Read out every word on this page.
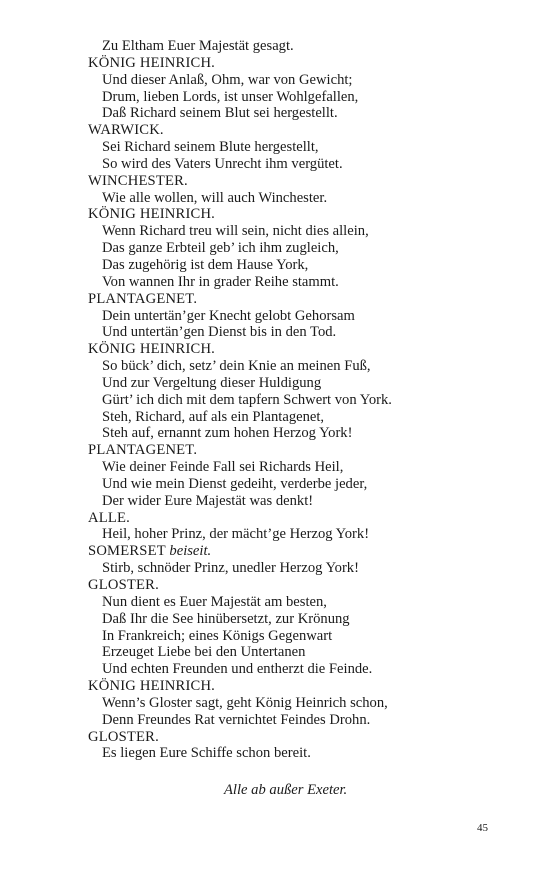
Zu Eltham Euer Majestät gesagt.
KÖNIG HEINRICH.
Und dieser Anlaß, Ohm, war von Gewicht;
Drum, lieben Lords, ist unser Wohlgefallen,
Daß Richard seinem Blut sei hergestellt.
WARWICK.
Sei Richard seinem Blute hergestellt,
So wird des Vaters Unrecht ihm vergütet.
WINCHESTER.
Wie alle wollen, will auch Winchester.
KÖNIG HEINRICH.
Wenn Richard treu will sein, nicht dies allein,
Das ganze Erbteil geb’ ich ihm zugleich,
Das zugehörig ist dem Hause York,
Von wannen Ihr in grader Reihe stammt.
PLANTAGENET.
Dein untertän’ger Knecht gelobt Gehorsam
Und untertän’gen Dienst bis in den Tod.
KÖNIG HEINRICH.
So bück’ dich, setz’ dein Knie an meinen Fuß,
Und zur Vergeltung dieser Huldigung
Gürt’ ich dich mit dem tapfern Schwert von York.
Steh, Richard, auf als ein Plantagenet,
Steh auf, ernannt zum hohen Herzog York!
PLANTAGENET.
Wie deiner Feinde Fall sei Richards Heil,
Und wie mein Dienst gedeiht, verderbe jeder,
Der wider Eure Majestät was denkt!
ALLE.
Heil, hoher Prinz, der mächt’ge Herzog York!
SOMERSET beiseit.
Stirb, schnöder Prinz, unedler Herzog York!
GLOSTER.
Nun dient es Euer Majestät am besten,
Daß Ihr die See hinübersetzt, zur Krönung
In Frankreich; eines Königs Gegenwart
Erzeuget Liebe bei den Untertanen
Und echten Freunden und entherzt die Feinde.
KÖNIG HEINRICH.
Wenn’s Gloster sagt, geht König Heinrich schon,
Denn Freundes Rat vernichtet Feindes Drohn.
GLOSTER.
Es liegen Eure Schiffe schon bereit.
Alle ab außer Exeter.
45
